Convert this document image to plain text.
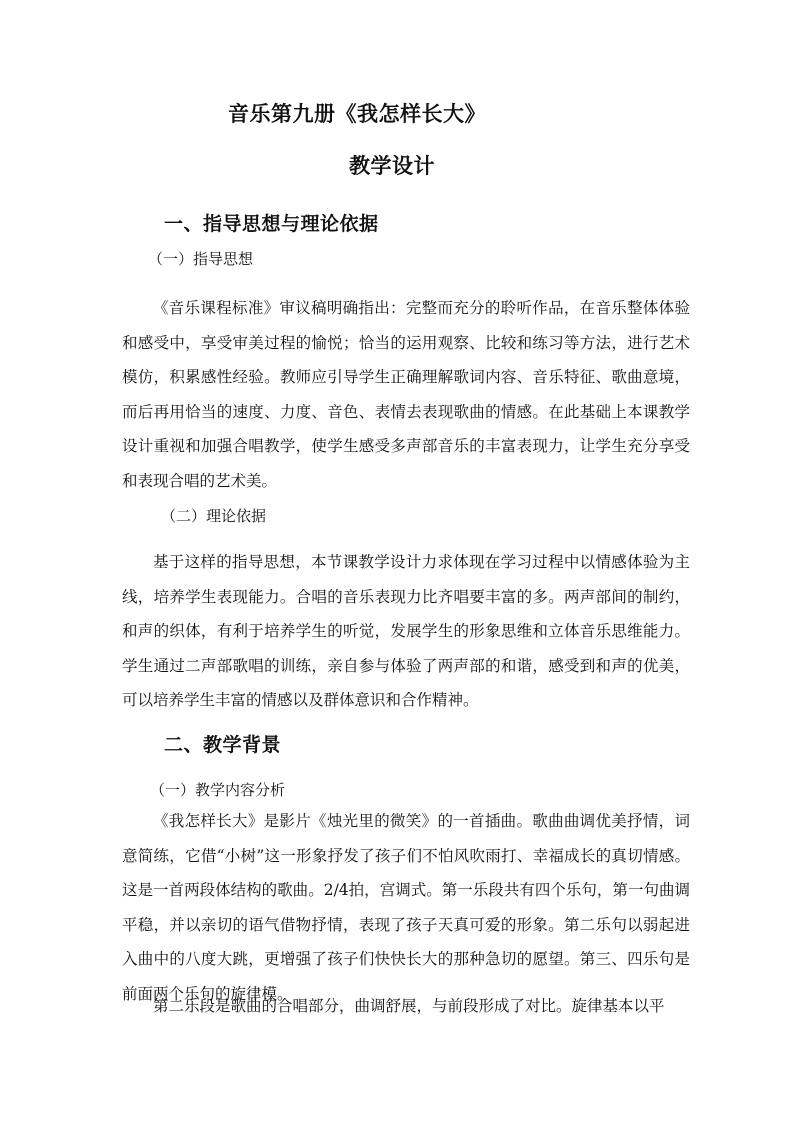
音乐第九册《我怎样长大》
教学设计
一、指导思想与理论依据
（一）指导思想
《音乐课程标准》审议稿明确指出：完整而充分的聆听作品，在音乐整体体验和感受中，享受审美过程的愉悦；恰当的运用观察、比较和练习等方法，进行艺术模仿，积累感性经验。教师应引导学生正确理解歌词内容、音乐特征、歌曲意境，而后再用恰当的速度、力度、音色、表情去表现歌曲的情感。在此基础上本课教学设计重视和加强合唱教学，使学生感受多声部音乐的丰富表现力，让学生充分享受和表现合唱的艺术美。
（二）理论依据
基于这样的指导思想，本节课教学设计力求体现在学习过程中以情感体验为主线，培养学生表现能力。合唱的音乐表现力比齐唱要丰富的多。两声部间的制约，和声的织体，有利于培养学生的听觉，发展学生的形象思维和立体音乐思维能力。学生通过二声部歌唱的训练，亲自参与体验了两声部的和谐，感受到和声的优美，可以培养学生丰富的情感以及群体意识和合作精神。
二、教学背景
（一）教学内容分析
《我怎样长大》是影片《烛光里的微笑》的一首插曲。歌曲曲调优美抒情，词意简练，它借“小树”这一形象抒发了孩子们不怕风吹雨打、幸福成长的真切情感。这是一首两段体结构的歌曲。2/4拍，宫调式。第一乐段共有四个乐句，第一句曲调平稳，并以亲切的语气借物抒情，表现了孩子天真可爱的形象。第二乐句以弱起进入曲中的八度大跳，更增强了孩子们快快长大的那种急切的愿望。第三、四乐句是前面两个乐句的旋律模。
第二乐段是歌曲的合唱部分，曲调舒展，与前段形成了对比。旋律基本以平
